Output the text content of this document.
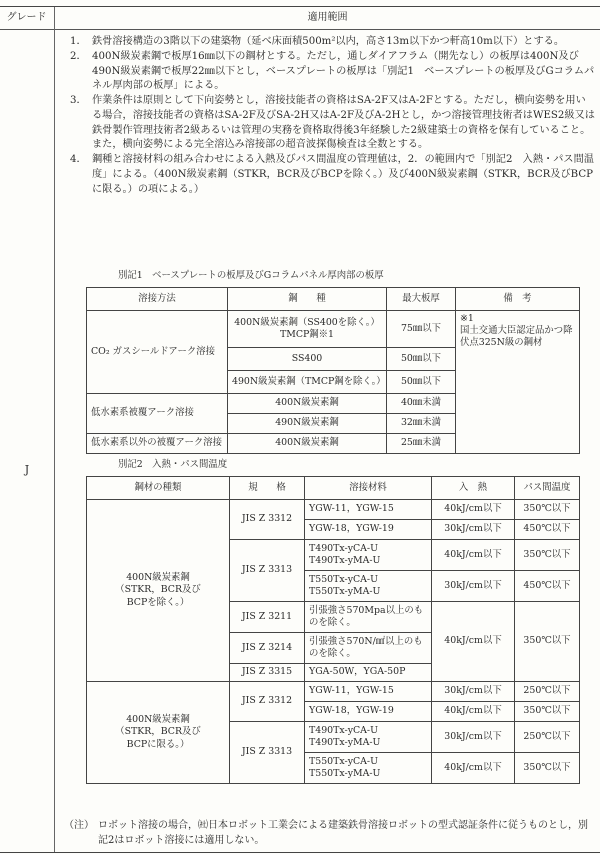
グレード	適用範囲
J

1． 鉄骨溶接構造の3階以下の建築物（延べ床面積500m²以内，高さ13m以下かつ軒高10m以下）とする。

2． 400N級炭素鋼で板厚16㎜以下の鋼材とする。ただし，通しダイアフラム（開先なし）の板厚は400N及び490N級炭素鋼で板厚22㎜以下とし，ベースプレートの板厚は「別記1　ベースプレートの板厚及びGコラムパネル厚肉部の板厚」による。

3． 作業条件は原則として下向姿勢とし，溶接技能者の資格はSA-2F又はA-2Fとする。ただし，横向姿勢を用いる場合，溶接技能者の資格はSA-2F及びSA-2H又はA-2F及びA-2Hとし，かつ溶接管理技術者はWES2級又は鉄骨製作管理技術者2級あるいは管理の実務を資格取得後3年経験した2級建築士の資格を保有していること。また，横向姿勢による完全溶込み溶接部の超音波探傷検査は全数とする。

4． 鋼種と溶接材料の組み合わせによる入熱及びパス間温度の管理値は，2．の範囲内で「別記2　入熱・パス間温度」による。（400N級炭素鋼（STKR，BCR及びBCPを除く。）及び400N級炭素鋼（STKR，BCR及びBCPに限る。）の項による。）

別記1　ベースプレートの板厚及びGコラムパネル厚肉部の板厚
溶接方法	鋼　　種	最大板厚	備　考
CO₂ ガスシールドアーク溶接	400N級炭素鋼（SS400を除く。）TMCP鋼※1	75㎜以下	※1
国土交通大臣認定品かつ降伏点325N級の鋼材
	SS400	50㎜以下	
	490N級炭素鋼（TMCP鋼を除く。）	50㎜以下	
低水素系被覆アーク溶接	400N級炭素鋼	40㎜未満	
	490N級炭素鋼	32㎜未満	
低水素系以外の被覆アーク溶接	400N級炭素鋼	25㎜未満	
別記2　入熱・パス間温度
鋼材の種類	規　　格	溶接材料	入　熱	パス間温度
400N級炭素鋼
（STKR，BCR及び
BCPを除く。）	JIS Z 3312	YGW-11，YGW-15	40kJ/cm以下	350℃以下
		YGW-18，YGW-19	30kJ/cm以下	450℃以下
	JIS Z 3313	T490Tx-yCA-U
T490Tx-yMA-U	40kJ/cm以下	350℃以下
		T550Tx-yCA-U
T550Tx-yMA-U	30kJ/cm以下	450℃以下
	JIS Z 3211	引張強さ570Mpa以上のものを除く。	40kJ/cm以下	350℃以下
	JIS Z 3214	引張強さ570N/㎟以上のものを除く。		
	JIS Z 3315	YGA-50W，YGA-50P		
400N級炭素鋼
（STKR，BCR及び
BCPに限る。）	JIS Z 3312	YGW-11，YGW-15	30kJ/cm以下	250℃以下
		YGW-18，YGW-19	40kJ/cm以下	350℃以下
	JIS Z 3313	T490Tx-yCA-U
T490Tx-yMA-U	30kJ/cm以下	250℃以下
		T550Tx-yCA-U
T550Tx-yMA-U	40kJ/cm以下	350℃以下
（注） ロボット溶接の場合，㈳日本ロボット工業会による建築鉄骨溶接ロボットの型式認証条件に従うものとし，別記2はロボット溶接には適用しない。
